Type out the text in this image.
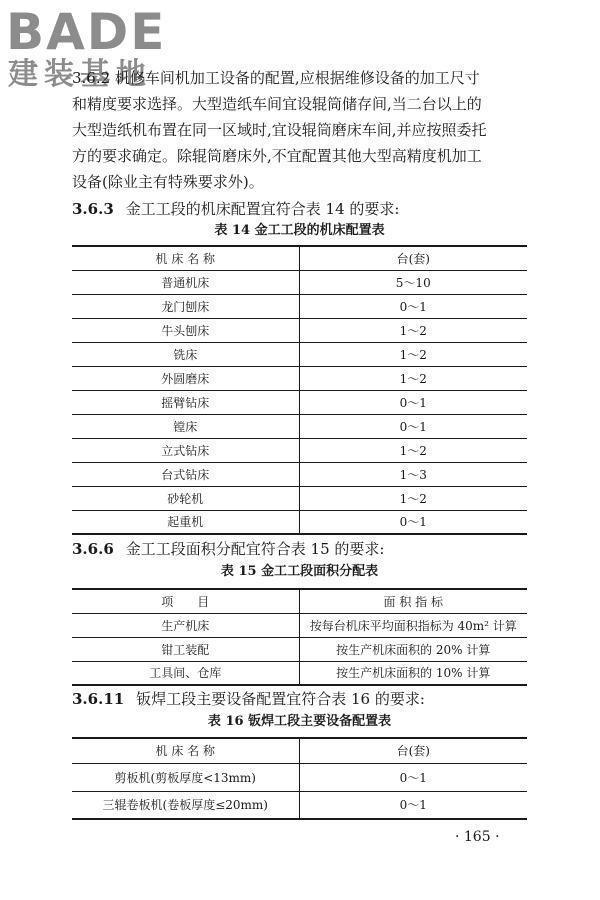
BADE
建装基地
3.6.2 机修车间机加工设备的配置,应根据维修设备的加工尺寸
和精度要求选择。大型造纸车间宜设辊筒储存间,当二台以上的
大型造纸机布置在同一区域时,宜设辊筒磨床车间,并应按照委托
方的要求确定。除辊筒磨床外,不宜配置其他大型高精度机加工
设备(除业主有特殊要求外)。
3.6.3 金工工段的机床配置宜符合表 14 的要求:
表 14 金工工段的机床配置表
机 床 名 称	台(套)
普通机床	5～10
龙门刨床	0～1
牛头刨床	1～2
铣床	1～2
外圆磨床	1～2
摇臂钻床	0～1
镗床	0～1
立式钻床	1～2
台式钻床	1～3
砂轮机	1～2
起重机	0～1
3.6.6 金工工段面积分配宜符合表 15 的要求:
表 15 金工工段面积分配表
项　　目	面 积 指 标
生产机床	按每台机床平均面积指标为 40m² 计算
钳工装配	按生产机床面积的 20% 计算
工具间、仓库	按生产机床面积的 10% 计算
3.6.11 钣焊工段主要设备配置宜符合表 16 的要求:
表 16 钣焊工段主要设备配置表
机 床 名 称	台(套)
剪板机(剪板厚度<13mm)	0～1
三辊卷板机(卷板厚度≤20mm)	0～1
· 165 ·
